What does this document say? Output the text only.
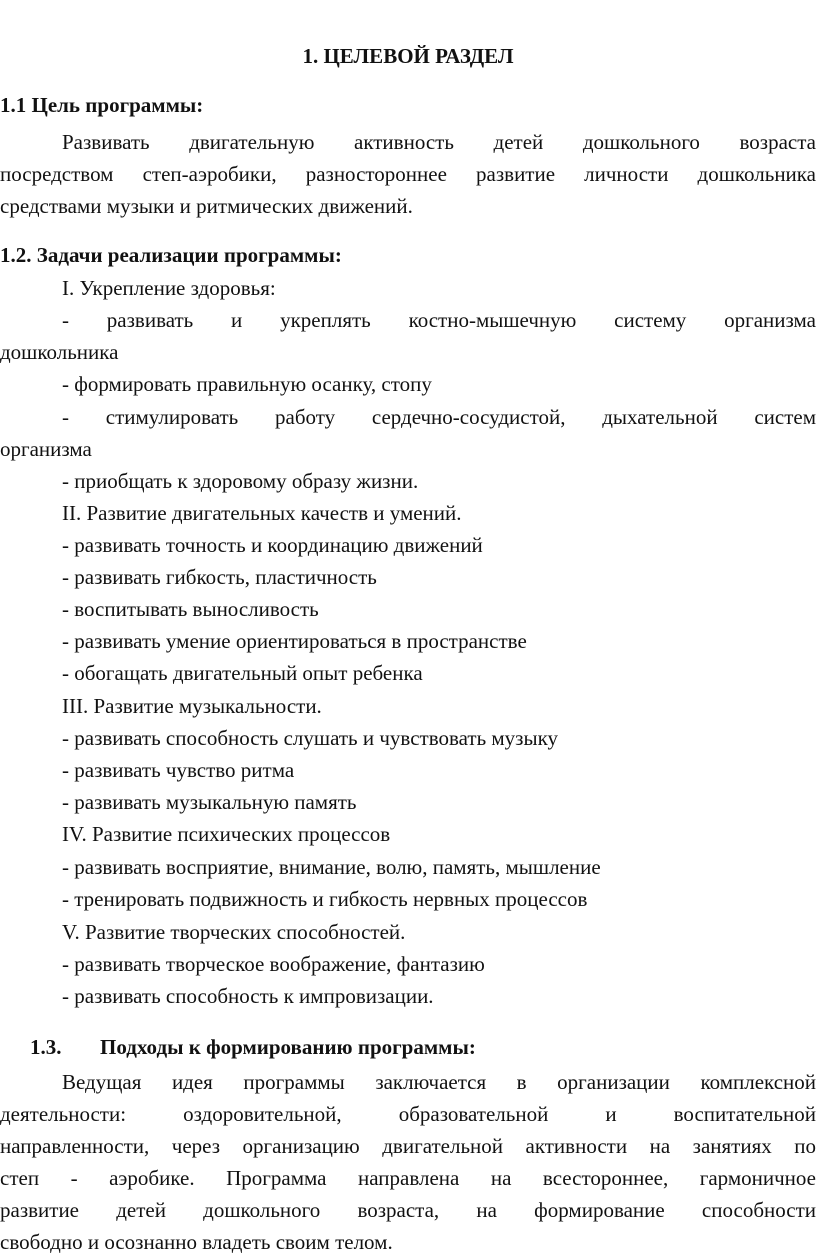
1. ЦЕЛЕВОЙ РАЗДЕЛ
1.1 Цель программы:
Развивать двигательную активность детей дошкольного возраста
посредством степ-аэробики, разностороннее развитие личности дошкольника
средствами музыки и ритмических движений.
1.2. Задачи реализации программы:
I. Укрепление здоровья:
- развивать и укреплять костно-мышечную систему организма
дошкольника
- формировать правильную осанку, стопу
- стимулировать работу сердечно-сосудистой, дыхательной систем
организма
- приобщать к здоровому образу жизни.
II. Развитие двигательных качеств и умений.
- развивать точность и координацию движений
- развивать гибкость, пластичность
- воспитывать выносливость
- развивать умение ориентироваться в пространстве
- обогащать двигательный опыт ребенка
III. Развитие музыкальности.
- развивать способность слушать и чувствовать музыку
- развивать чувство ритма
- развивать музыкальную память
IV. Развитие психических процессов
- развивать восприятие, внимание, волю, память, мышление
- тренировать подвижность и гибкость нервных процессов
V. Развитие творческих способностей.
- развивать творческое воображение, фантазию
- развивать способность к импровизации.
1.3. Подходы к формированию программы:
Ведущая идея программы заключается в организации комплексной
деятельности: оздоровительной, образовательной и воспитательной
направленности, через организацию двигательной активности на занятиях по
степ - аэробике. Программа направлена на всестороннее, гармоничное
развитие детей дошкольного возраста, на формирование способности
свободно и осознанно владеть своим телом.
